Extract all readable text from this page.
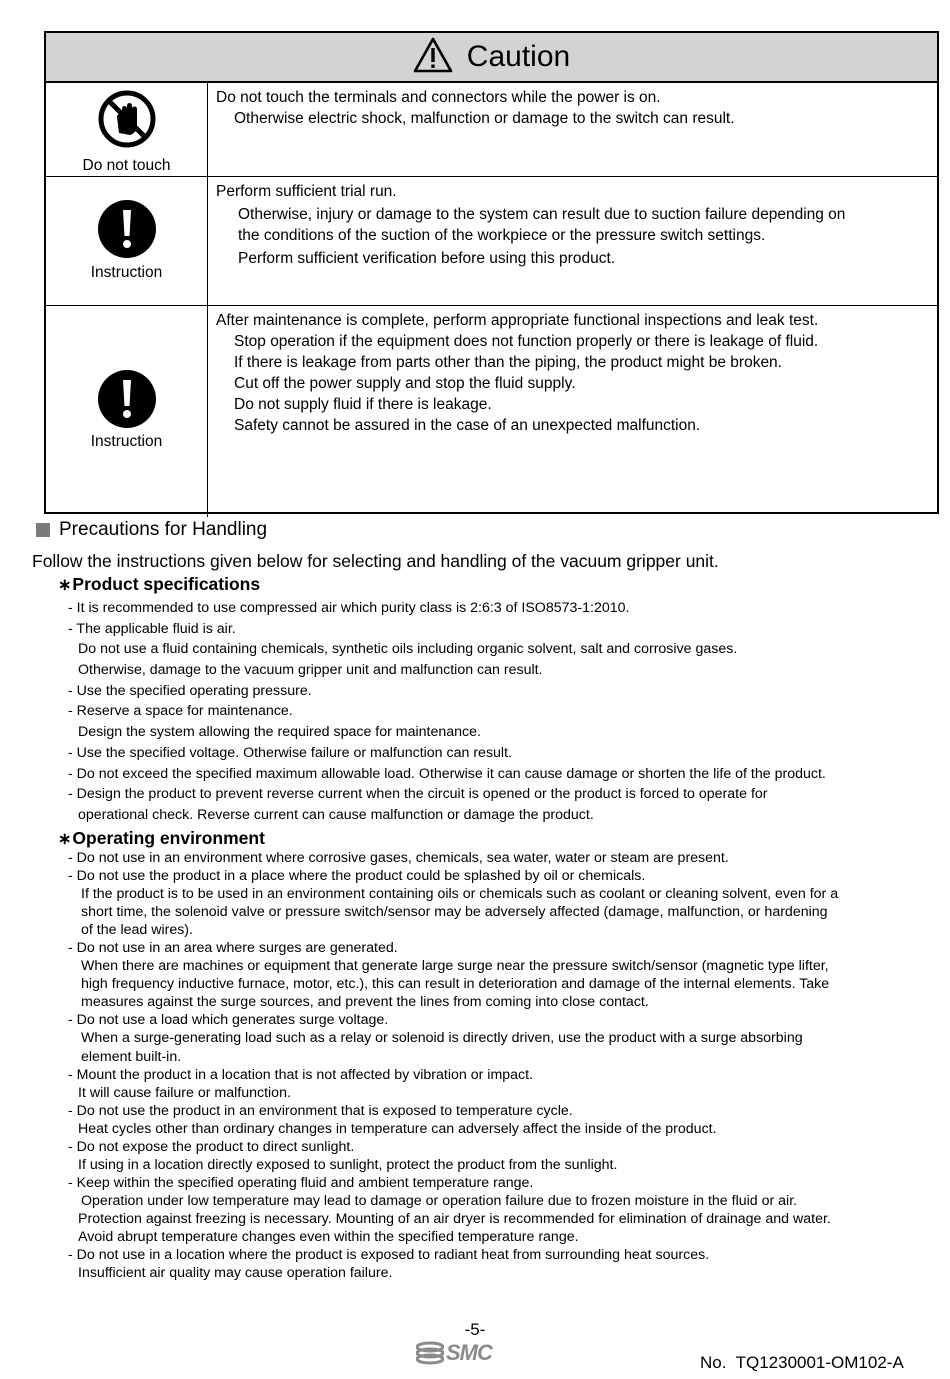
Caution
Do not touch
Do not touch the terminals and connectors while the power is on.
Otherwise electric shock, malfunction or damage to the switch can result.
Instruction
Perform sufficient trial run.
Otherwise, injury or damage to the system can result due to suction failure depending on
the conditions of the suction of the workpiece or the pressure switch settings.
Perform sufficient verification before using this product.
Instruction
After maintenance is complete, perform appropriate functional inspections and leak test.
Stop operation if the equipment does not function properly or there is leakage of fluid.
If there is leakage from parts other than the piping, the product might be broken.
Cut off the power supply and stop the fluid supply.
Do not supply fluid if there is leakage.
Safety cannot be assured in the case of an unexpected malfunction.
Precautions for Handling
Follow the instructions given below for selecting and handling of the vacuum gripper unit.
∗Product specifications
- It is recommended to use compressed air which purity class is 2:6:3 of ISO8573-1:2010.
- The applicable fluid is air.
Do not use a fluid containing chemicals, synthetic oils including organic solvent, salt and corrosive gases.
Otherwise, damage to the vacuum gripper unit and malfunction can result.
- Use the specified operating pressure.
- Reserve a space for maintenance.
Design the system allowing the required space for maintenance.
- Use the specified voltage. Otherwise failure or malfunction can result.
- Do not exceed the specified maximum allowable load. Otherwise it can cause damage or shorten the life of the product.
- Design the product to prevent reverse current when the circuit is opened or the product is forced to operate for
operational check. Reverse current can cause malfunction or damage the product.
∗Operating environment
- Do not use in an environment where corrosive gases, chemicals, sea water, water or steam are present.
- Do not use the product in a place where the product could be splashed by oil or chemicals.
If the product is to be used in an environment containing oils or chemicals such as coolant or cleaning solvent, even for a
short time, the solenoid valve or pressure switch/sensor may be adversely affected (damage, malfunction, or hardening
of the lead wires).
- Do not use in an area where surges are generated.
When there are machines or equipment that generate large surge near the pressure switch/sensor (magnetic type lifter,
high frequency inductive furnace, motor, etc.), this can result in deterioration and damage of the internal elements. Take
measures against the surge sources, and prevent the lines from coming into close contact.
- Do not use a load which generates surge voltage.
When a surge-generating load such as a relay or solenoid is directly driven, use the product with a surge absorbing
element built-in.
- Mount the product in a location that is not affected by vibration or impact.
It will cause failure or malfunction.
- Do not use the product in an environment that is exposed to temperature cycle.
Heat cycles other than ordinary changes in temperature can adversely affect the inside of the product.
- Do not expose the product to direct sunlight.
If using in a location directly exposed to sunlight, protect the product from the sunlight.
- Keep within the specified operating fluid and ambient temperature range.
Operation under low temperature may lead to damage or operation failure due to frozen moisture in the fluid or air.
Protection against freezing is necessary. Mounting of an air dryer is recommended for elimination of drainage and water.
Avoid abrupt temperature changes even within the specified temperature range.
- Do not use in a location where the product is exposed to radiant heat from surrounding heat sources.
Insufficient air quality may cause operation failure.
-5-
SMC	No.  TQ1230001-OM102-A
